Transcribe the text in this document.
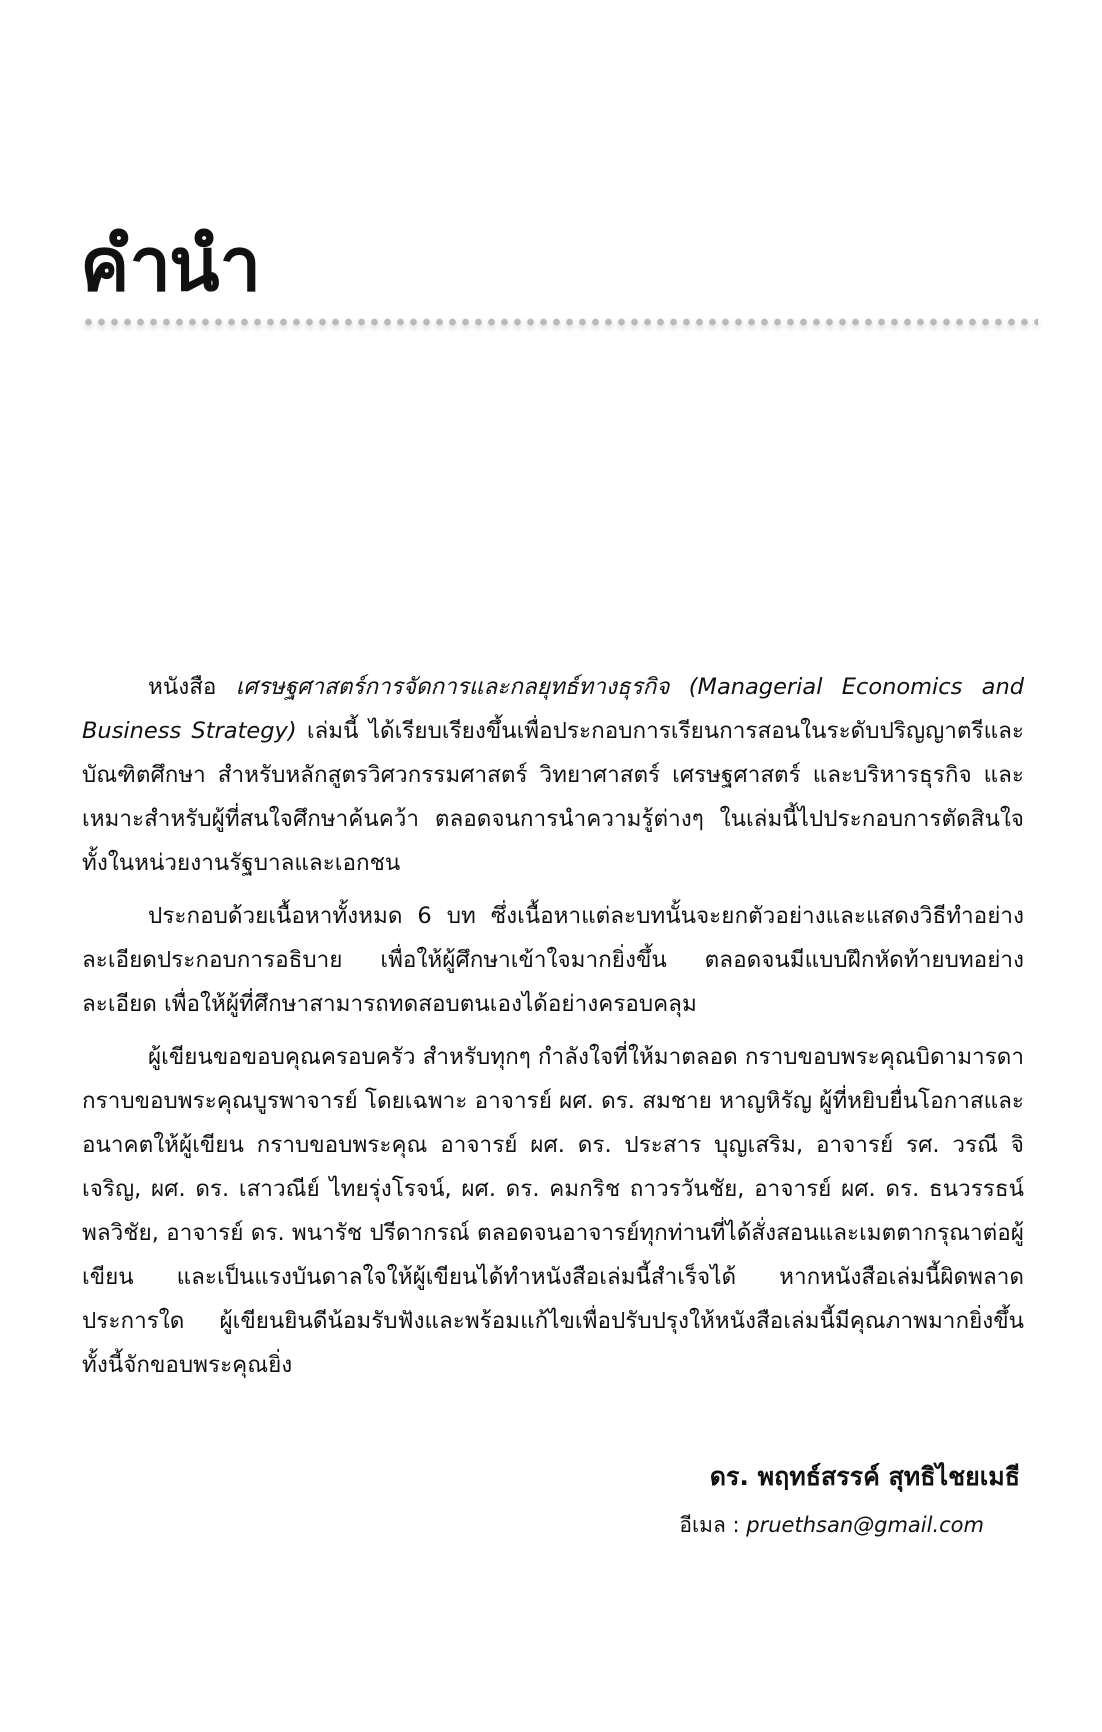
คำนำ

หนังสือ เศรษฐศาสตร์การจัดการและกลยุทธ์ทางธุรกิจ (Managerial Economics and Business Strategy) เล่มนี้ ได้เรียบเรียงขึ้นเพื่อประกอบการเรียนการสอนในระดับปริญญาตรีและบัณฑิตศึกษา สำหรับหลักสูตรวิศวกรรมศาสตร์ วิทยาศาสตร์ เศรษฐศาสตร์ และบริหารธุรกิจ และเหมาะสำหรับผู้ที่สนใจศึกษาค้นคว้า ตลอดจนการนำความรู้ต่างๆ ในเล่มนี้ไปประกอบการตัดสินใจทั้งในหน่วยงานรัฐบาลและเอกชน

ประกอบด้วยเนื้อหาทั้งหมด 6 บท ซึ่งเนื้อหาแต่ละบทนั้นจะยกตัวอย่างและแสดงวิธีทำอย่างละเอียดประกอบการอธิบาย เพื่อให้ผู้ศึกษาเข้าใจมากยิ่งขึ้น ตลอดจนมีแบบฝึกหัดท้ายบทอย่างละเอียด เพื่อให้ผู้ที่ศึกษาสามารถทดสอบตนเองได้อย่างครอบคลุม

ผู้เขียนขอขอบคุณครอบครัว สำหรับทุกๆ กำลังใจที่ให้มาตลอด กราบขอบพระคุณบิดามารดา กราบขอบพระคุณบูรพาจารย์ โดยเฉพาะ อาจารย์ ผศ. ดร. สมชาย หาญหิรัญ ผู้ที่หยิบยื่นโอกาสและอนาคตให้ผู้เขียน กราบขอบพระคุณ อาจารย์ ผศ. ดร. ประสาร บุญเสริม, อาจารย์ รศ. วรณี จิเจริญ, ผศ. ดร. เสาวณีย์ ไทยรุ่งโรจน์, ผศ. ดร. คมกริช ถาวรวันชัย, อาจารย์ ผศ. ดร. ธนวรรธน์ พลวิชัย, อาจารย์ ดร. พนารัช ปรีดากรณ์ ตลอดจนอาจารย์ทุกท่านที่ได้สั่งสอนและเมตตากรุณาต่อผู้เขียน และเป็นแรงบันดาลใจให้ผู้เขียนได้ทำหนังสือเล่มนี้สำเร็จได้ หากหนังสือเล่มนี้ผิดพลาดประการใด ผู้เขียนยินดีน้อมรับฟังและพร้อมแก้ไขเพื่อปรับปรุงให้หนังสือเล่มนี้มีคุณภาพมากยิ่งขึ้น ทั้งนี้จักขอบพระคุณยิ่ง

ดร. พฤทธ์สรรค์ สุทธิไชยเมธี
อีเมล : pruethsan@gmail.com
